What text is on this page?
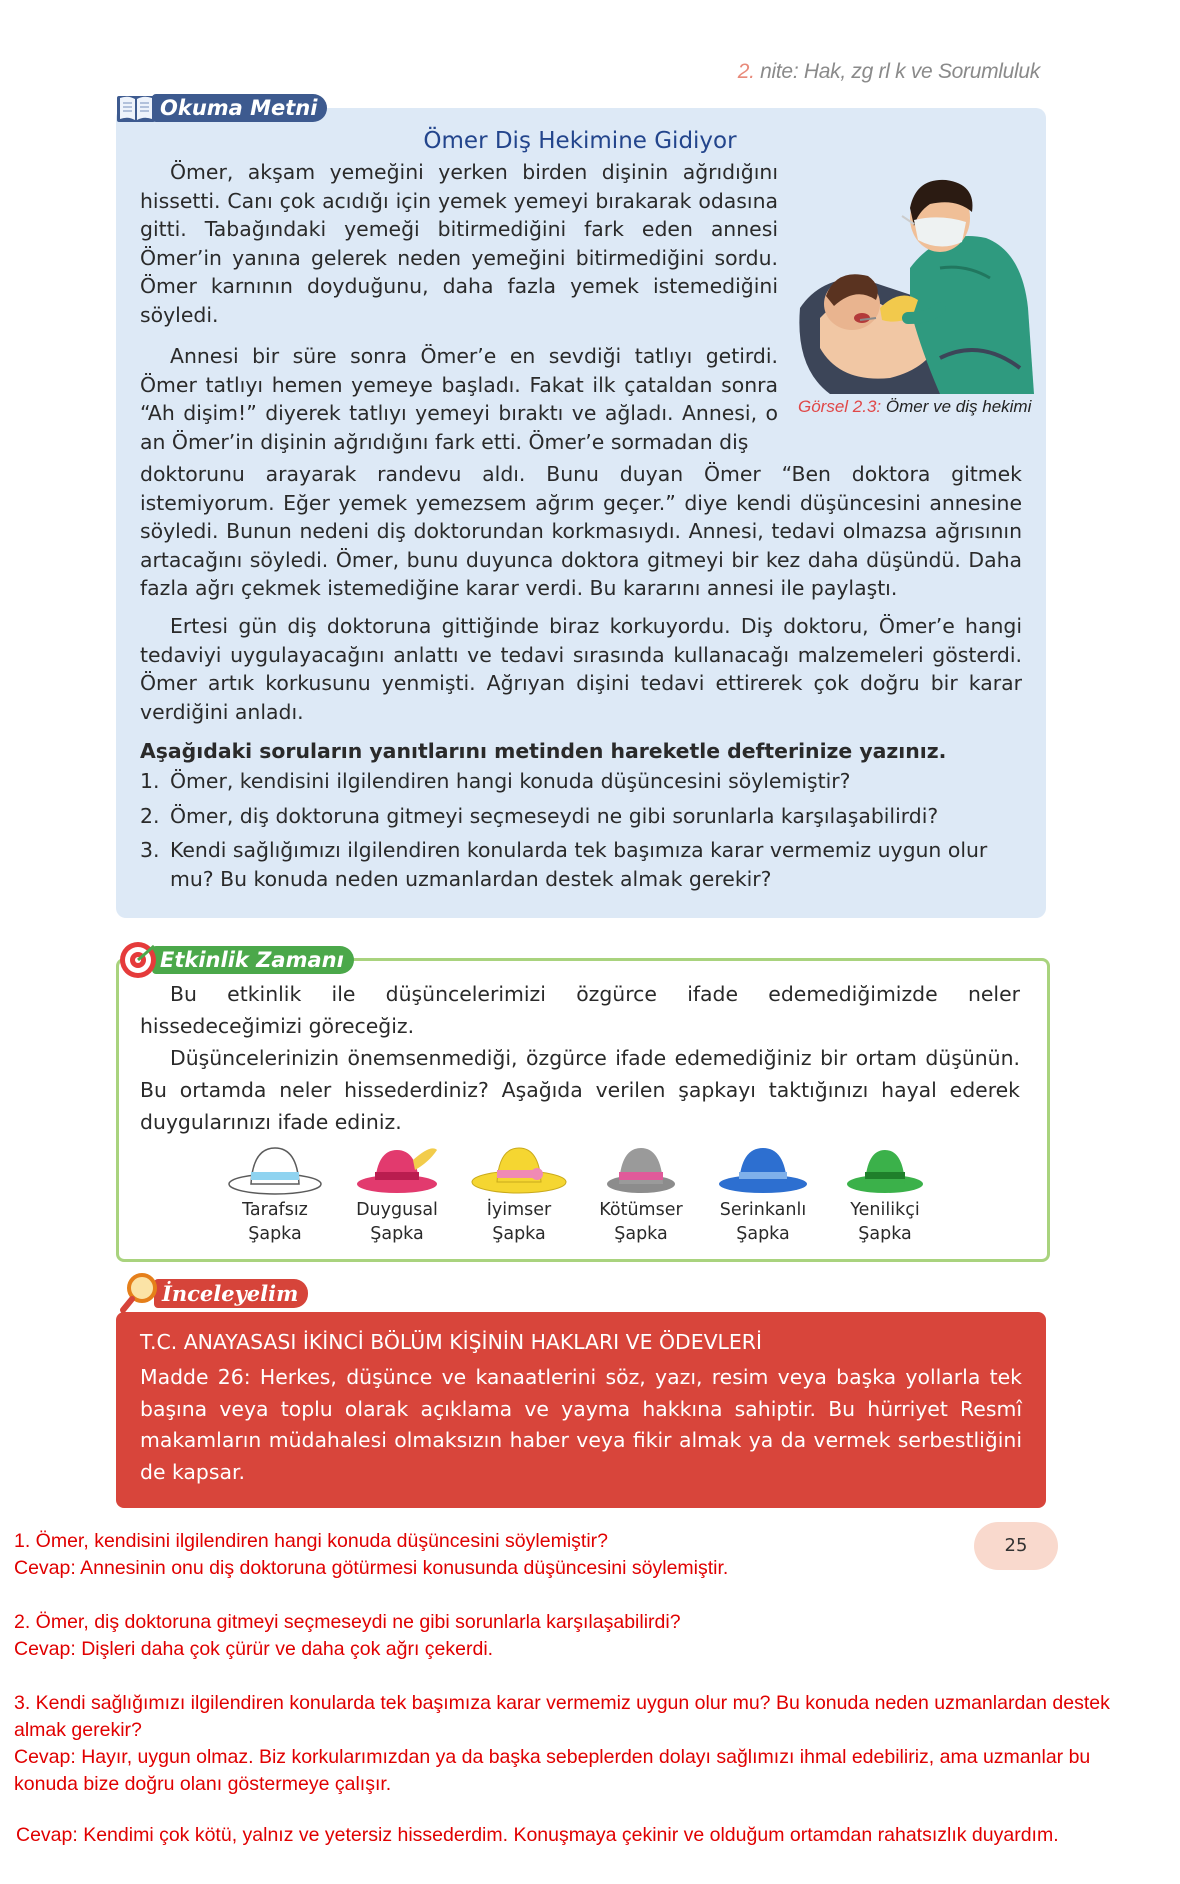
2. nite: Hak, zg rl k ve Sorumluluk
Okuma Metni
Ömer Diş Hekimine Gidiyor

Ömer, akşam yemeğini yerken birden dişinin ağrıdığını hissetti. Canı çok acıdığı için yemek yemeyi bırakarak odasına gitti. Tabağındaki yemeği bitirmediğini fark eden annesi Ömer’in yanına gelerek neden yemeğini bitirmediğini sordu. Ömer karnının doyduğunu, daha fazla yemek istemediğini söyledi.

Annesi bir süre sonra Ömer’e en sevdiği tatlıyı getirdi. Ömer tatlıyı hemen yemeye başladı. Fakat ilk çataldan sonra “Ah dişim!” diyerek tatlıyı yemeyi bıraktı ve ağladı. Annesi, o an Ömer’in dişinin ağrıdığını fark etti. Ömer’e sormadan diş

doktorunu arayarak randevu aldı. Bunu duyan Ömer “Ben doktora gitmek istemiyorum. Eğer yemek yemezsem ağrım geçer.” diye kendi düşüncesini annesine söyledi. Bunun nedeni diş doktorundan korkmasıydı. Annesi, tedavi olmazsa ağrısının artacağını söyledi. Ömer, bunu duyunca doktora gitmeyi bir kez daha düşündü. Daha fazla ağrı çekmek istemediğine karar verdi. Bu kararını annesi ile paylaştı.

Ertesi gün diş doktoruna gittiğinde biraz korkuyordu. Diş doktoru, Ömer’e hangi tedaviyi uygulayacağını anlattı ve tedavi sırasında kullanacağı malzemeleri gösterdi. Ömer artık korkusunu yenmişti. Ağrıyan dişini tedavi ettirerek çok doğru bir karar verdiğini anladı.

Görsel 2.3: Ömer ve diş hekimi
Aşağıdaki soruların yanıtlarını metinden hareketle defterinize yazınız.
1. Ömer, kendisini ilgilendiren hangi konuda düşüncesini söylemiştir?
2. Ömer, diş doktoruna gitmeyi seçmeseydi ne gibi sorunlarla karşılaşabilirdi?
3. Kendi sağlığımızı ilgilendiren konularda tek başımıza karar vermemiz uygun olur mu? Bu konuda neden uzmanlardan destek almak gerekir?
Etkinlik Zamanı

Bu etkinlik ile düşüncelerimizi özgürce ifade edemediğimizde neler hissedeceğimizi göreceğiz.

Düşüncelerinizin önemsenmediği, özgürce ifade edemediğiniz bir ortam düşünün. Bu ortamda neler hissederdiniz? Aşağıda verilen şapkayı taktığınızı hayal ederek duygularınızı ifade ediniz.

Tarafsız
Şapka
Duygusal
Şapka
İyimser
Şapka
Kötümser
Şapka
Serinkanlı
Şapka
Yenilikçi
Şapka
İnceleyelim
T.C. ANAYASASI İKİNCİ BÖLÜM KİŞİNİN HAKLARI VE ÖDEVLERİ

Madde 26: Herkes, düşünce ve kanaatlerini söz, yazı, resim veya başka yollarla tek başına veya toplu olarak açıklama ve yayma hakkına sahiptir. Bu hürriyet Resmî makamların müdahalesi olmaksızın haber veya fikir almak ya da vermek serbestliğini de kapsar.

25
1. Ömer, kendisini ilgilendiren hangi konuda düşüncesini söylemiştir?
Cevap: Annesinin onu diş doktoruna götürmesi konusunda düşüncesini söylemiştir.
2. Ömer, diş doktoruna gitmeyi seçmeseydi ne gibi sorunlarla karşılaşabilirdi?
Cevap: Dişleri daha çok çürür ve daha çok ağrı çekerdi.
3. Kendi sağlığımızı ilgilendiren konularda tek başımıza karar vermemiz uygun olur mu? Bu konuda neden uzmanlardan destek almak gerekir?
Cevap: Hayır, uygun olmaz. Biz korkularımızdan ya da başka sebeplerden dolayı sağlımızı ihmal edebiliriz, ama uzmanlar bu konuda bize doğru olanı göstermeye çalışır.
Cevap: Kendimi çok kötü, yalnız ve yetersiz hissederdim. Konuşmaya çekinir ve olduğum ortamdan rahatsızlık duyardım.
